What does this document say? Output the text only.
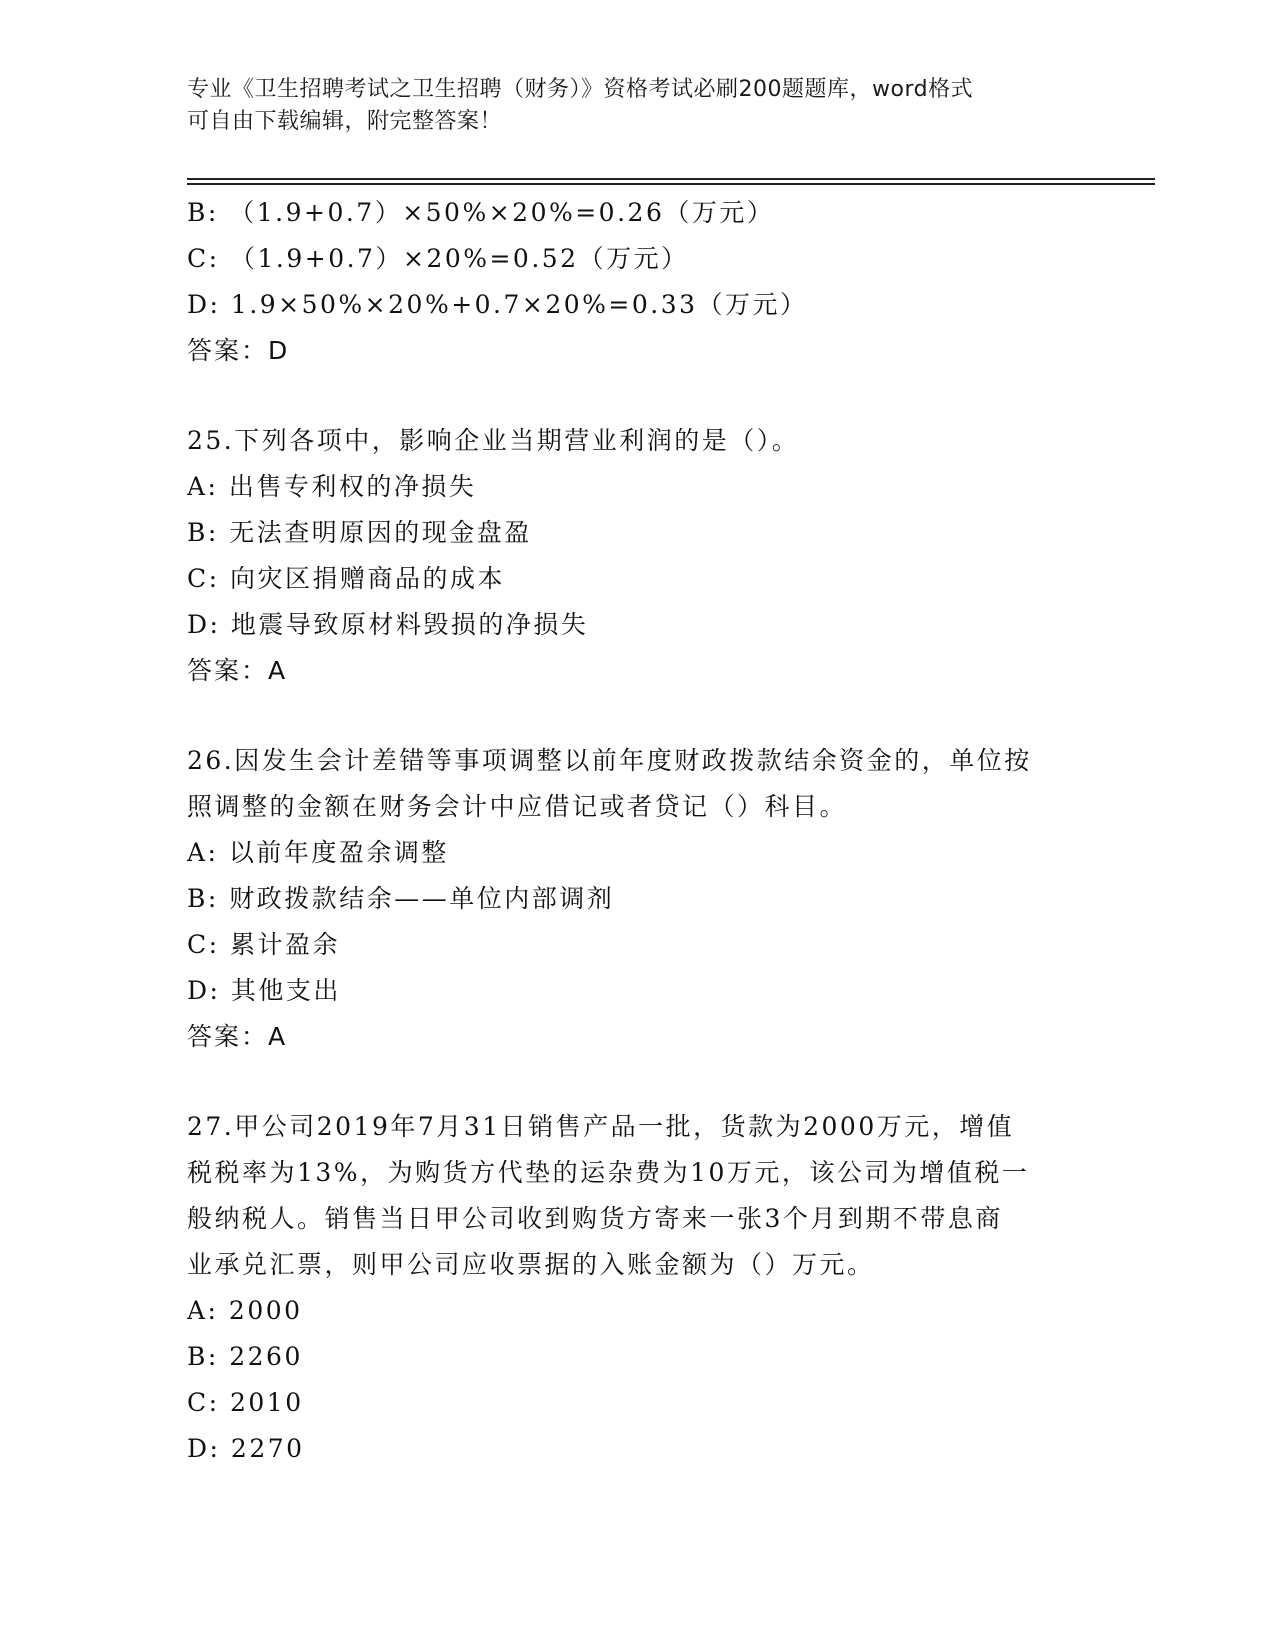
专业《卫生招聘考试之卫生招聘（财务）》资格考试必刷200题题库，word格式
可自由下载编辑，附完整答案！
B: （1.9+0.7）×50%×20%=0.26（万元）
C: （1.9+0.7）×20%=0.52（万元）
D: 1.9×50%×20%+0.7×20%=0.33（万元）
答案：D
25.下列各项中，影响企业当期营业利润的是（）。
A: 出售专利权的净损失
B: 无法查明原因的现金盘盈
C: 向灾区捐赠商品的成本
D: 地震导致原材料毁损的净损失
答案：A
26.因发生会计差错等事项调整以前年度财政拨款结余资金的，单位按
照调整的金额在财务会计中应借记或者贷记（）科目。
A: 以前年度盈余调整
B: 财政拨款结余——单位内部调剂
C: 累计盈余
D: 其他支出
答案：A
27.甲公司2019年7月31日销售产品一批，货款为2000万元，增值
税税率为13%，为购货方代垫的运杂费为10万元，该公司为增值税一
般纳税人。销售当日甲公司收到购货方寄来一张3个月到期不带息商
业承兑汇票，则甲公司应收票据的入账金额为（）万元。
A: 2000
B: 2260
C: 2010
D: 2270
